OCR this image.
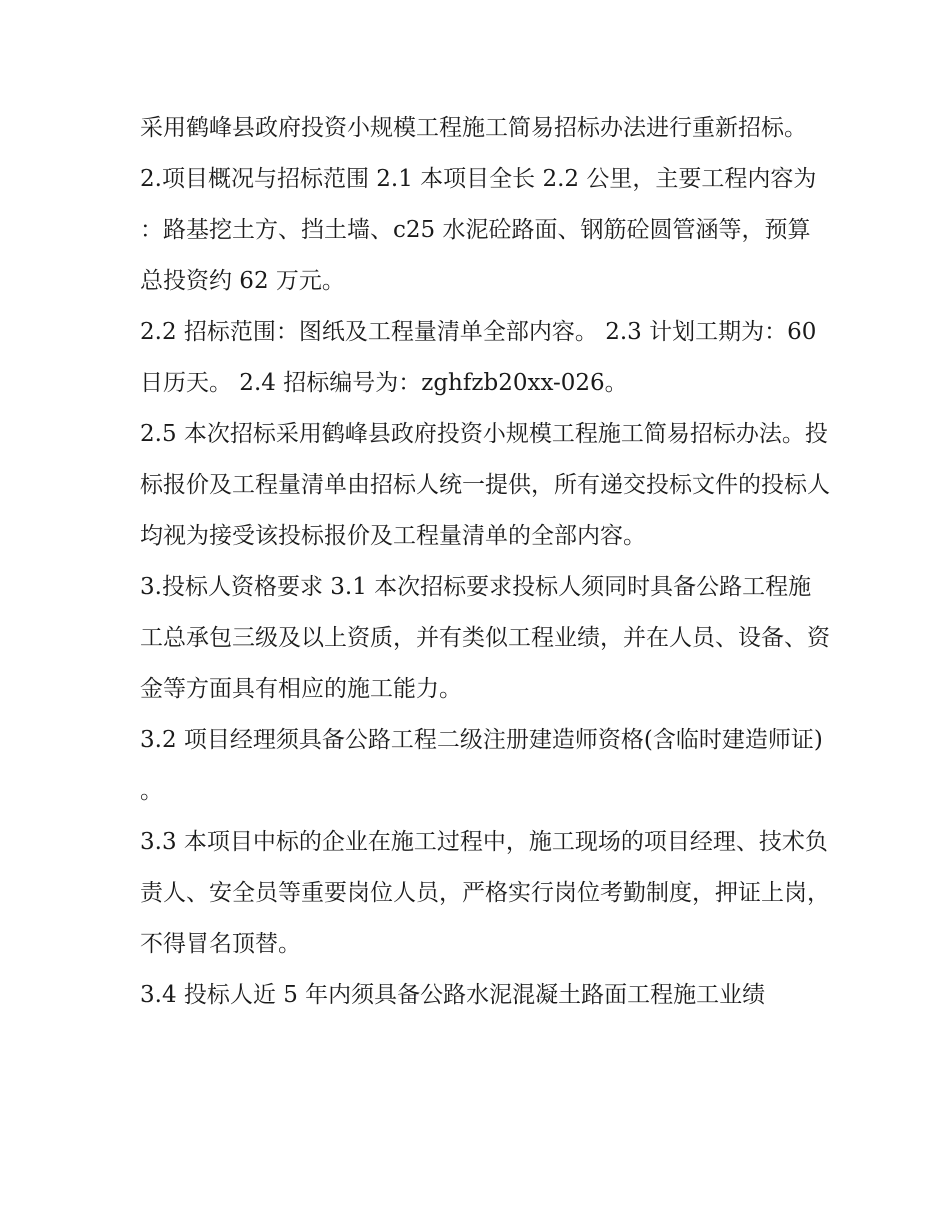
采用鹤峰县政府投资小规模工程施工简易招标办法进行重新招标。

2.项目概况与招标范围 2.1 本项目全长 2.2 公里，主要工程内容为：路基挖土方、挡土墙、c25 水泥砼路面、钢筋砼圆管涵等，预算总投资约 62 万元。

2.2 招标范围：图纸及工程量清单全部内容。 2.3 计划工期为：60 日历天。 2.4 招标编号为：zghfzb20xx-026。

2.5 本次招标采用鹤峰县政府投资小规模工程施工简易招标办法。投标报价及工程量清单由招标人统一提供，所有递交投标文件的投标人均视为接受该投标报价及工程量清单的全部内容。

3.投标人资格要求 3.1 本次招标要求投标人须同时具备公路工程施工总承包三级及以上资质，并有类似工程业绩，并在人员、设备、资金等方面具有相应的施工能力。

3.2 项目经理须具备公路工程二级注册建造师资格(含临时建造师证)。

3.3 本项目中标的企业在施工过程中，施工现场的项目经理、技术负责人、安全员等重要岗位人员，严格实行岗位考勤制度，押证上岗，不得冒名顶替。

3.4 投标人近 5 年内须具备公路水泥混凝土路面工程施工业绩
